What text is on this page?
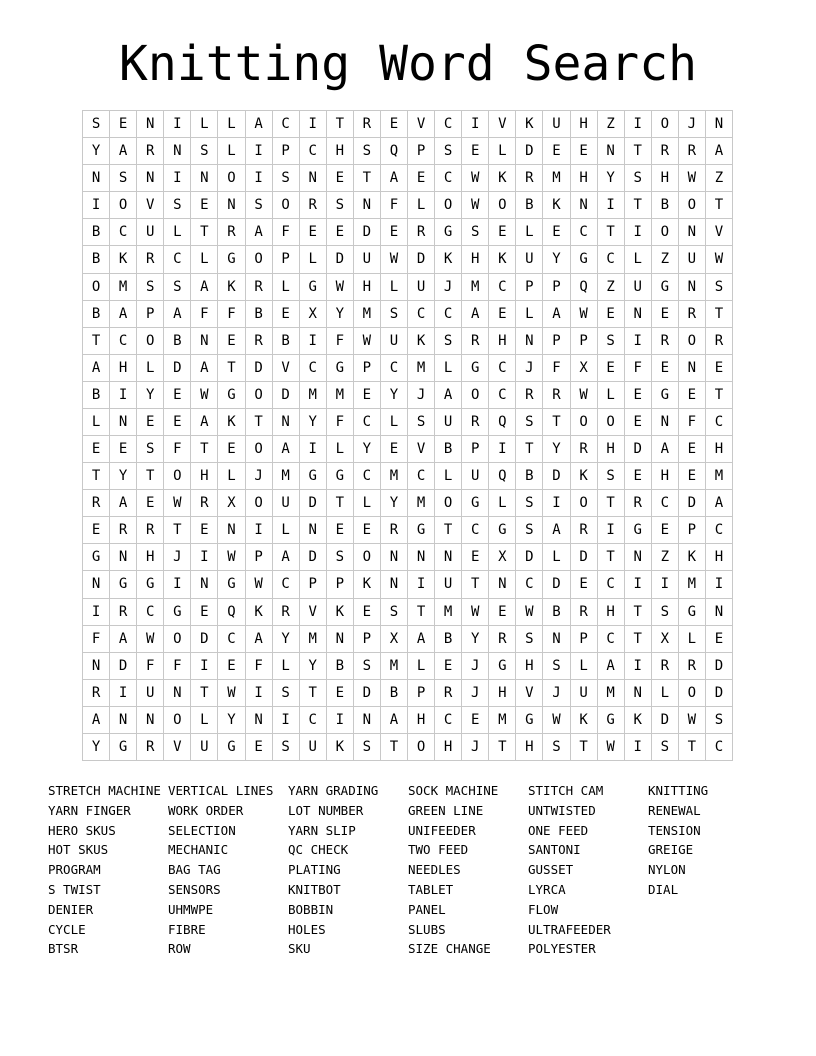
Knitting Word Search
S	E	N	I	L	L	A	C	I	T	R	E	V	C	I	V	K	U	H	Z	I	O	J	N
Y	A	R	N	S	L	I	P	C	H	S	Q	P	S	E	L	D	E	E	N	T	R	R	A
N	S	N	I	N	O	I	S	N	E	T	A	E	C	W	K	R	M	H	Y	S	H	W	Z
I	O	V	S	E	N	S	O	R	S	N	F	L	O	W	O	B	K	N	I	T	B	O	T
B	C	U	L	T	R	A	F	E	E	D	E	R	G	S	E	L	E	C	T	I	O	N	V
B	K	R	C	L	G	O	P	L	D	U	W	D	K	H	K	U	Y	G	C	L	Z	U	W
O	M	S	S	A	K	R	L	G	W	H	L	U	J	M	C	P	P	Q	Z	U	G	N	S
B	A	P	A	F	F	B	E	X	Y	M	S	C	C	A	E	L	A	W	E	N	E	R	T
T	C	O	B	N	E	R	B	I	F	W	U	K	S	R	H	N	P	P	S	I	R	O	R
A	H	L	D	A	T	D	V	C	G	P	C	M	L	G	C	J	F	X	E	F	E	N	E
B	I	Y	E	W	G	O	D	M	M	E	Y	J	A	O	C	R	R	W	L	E	G	E	T
L	N	E	E	A	K	T	N	Y	F	C	L	S	U	R	Q	S	T	O	O	E	N	F	C
E	E	S	F	T	E	O	A	I	L	Y	E	V	B	P	I	T	Y	R	H	D	A	E	H
T	Y	T	O	H	L	J	M	G	G	C	M	C	L	U	Q	B	D	K	S	E	H	E	M
R	A	E	W	R	X	O	U	D	T	L	Y	M	O	G	L	S	I	O	T	R	C	D	A
E	R	R	T	E	N	I	L	N	E	E	R	G	T	C	G	S	A	R	I	G	E	P	C
G	N	H	J	I	W	P	A	D	S	O	N	N	N	E	X	D	L	D	T	N	Z	K	H
N	G	G	I	N	G	W	C	P	P	K	N	I	U	T	N	C	D	E	C	I	I	M	I
I	R	C	G	E	Q	K	R	V	K	E	S	T	M	W	E	W	B	R	H	T	S	G	N
F	A	W	O	D	C	A	Y	M	N	P	X	A	B	Y	R	S	N	P	C	T	X	L	E
N	D	F	F	I	E	F	L	Y	B	S	M	L	E	J	G	H	S	L	A	I	R	R	D
R	I	U	N	T	W	I	S	T	E	D	B	P	R	J	H	V	J	U	M	N	L	O	D
A	N	N	O	L	Y	N	I	C	I	N	A	H	C	E	M	G	W	K	G	K	D	W	S
Y	G	R	V	U	G	E	S	U	K	S	T	O	H	J	T	H	S	T	W	I	S	T	C
STRETCH MACHINE
YARN FINGER
HERO SKUS
HOT SKUS
PROGRAM
S TWIST
DENIER
CYCLE
BTSR
VERTICAL LINES
WORK ORDER
SELECTION
MECHANIC
BAG TAG
SENSORS
UHMWPE
FIBRE
ROW
YARN GRADING
LOT NUMBER
YARN SLIP
QC CHECK
PLATING
KNITBOT
BOBBIN
HOLES
SKU
SOCK MACHINE
GREEN LINE
UNIFEEDER
TWO FEED
NEEDLES
TABLET
PANEL
SLUBS
SIZE CHANGE
STITCH CAM
UNTWISTED
ONE FEED
SANTONI
GUSSET
LYRCA
FLOW
ULTRAFEEDER
POLYESTER
KNITTING
RENEWAL
TENSION
GREIGE
NYLON
DIAL
